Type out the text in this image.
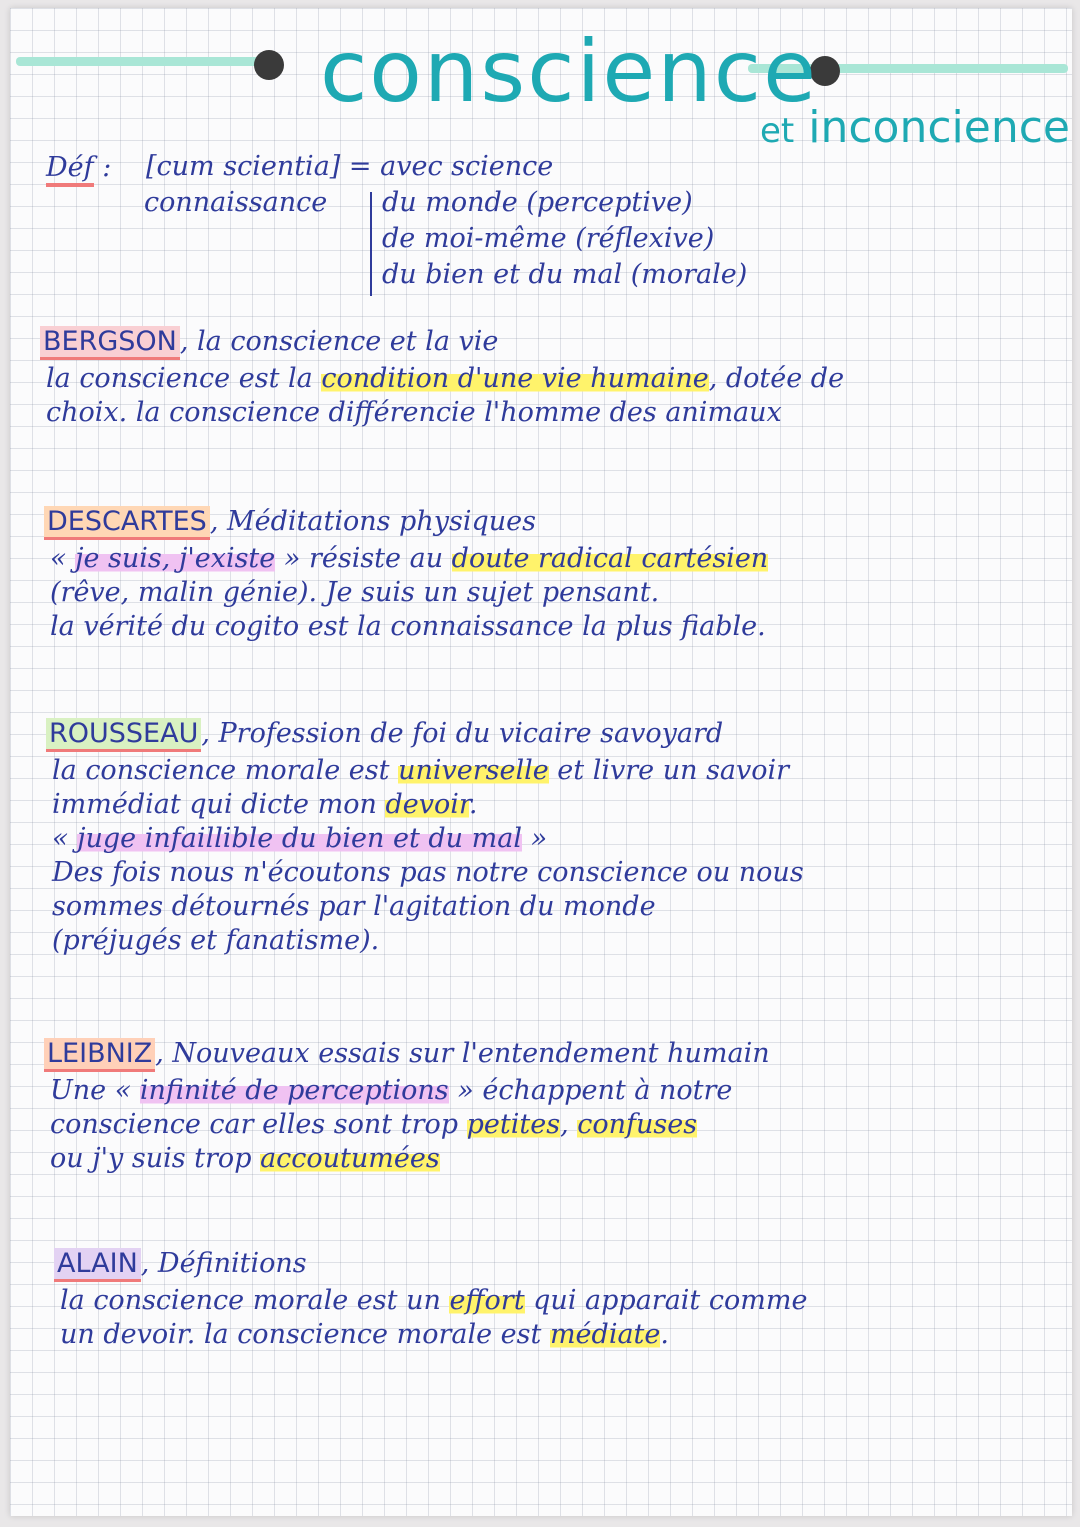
conscience
et inconcience
Déf : [cum scientia] = avec science
connaissance du monde (perceptive)
de moi-même (réflexive)
du bien et du mal (morale)
BERGSON , la conscience et la vie
la conscience est la condition d'une vie humaine, dotée de
choix. la conscience différencie l'homme des animaux
DESCARTES , Méditations physiques
« je suis, j'existe » résiste au doute radical cartésien
(rêve, malin génie). Je suis un sujet pensant.
la vérité du cogito est la connaissance la plus fiable.
ROUSSEAU , Profession de foi du vicaire savoyard
la conscience morale est universelle et livre un savoir
immédiat qui dicte mon devoir.
« juge infaillible du bien et du mal »
Des fois nous n'écoutons pas notre conscience ou nous
sommes détournés par l'agitation du monde
(préjugés et fanatisme).
LEIBNIZ , Nouveaux essais sur l'entendement humain
Une « infinité de perceptions » échappent à notre
conscience car elles sont trop petites, confuses
ou j'y suis trop accoutumées
ALAIN , Définitions
la conscience morale est un effort qui apparait comme
un devoir. la conscience morale est médiate.
